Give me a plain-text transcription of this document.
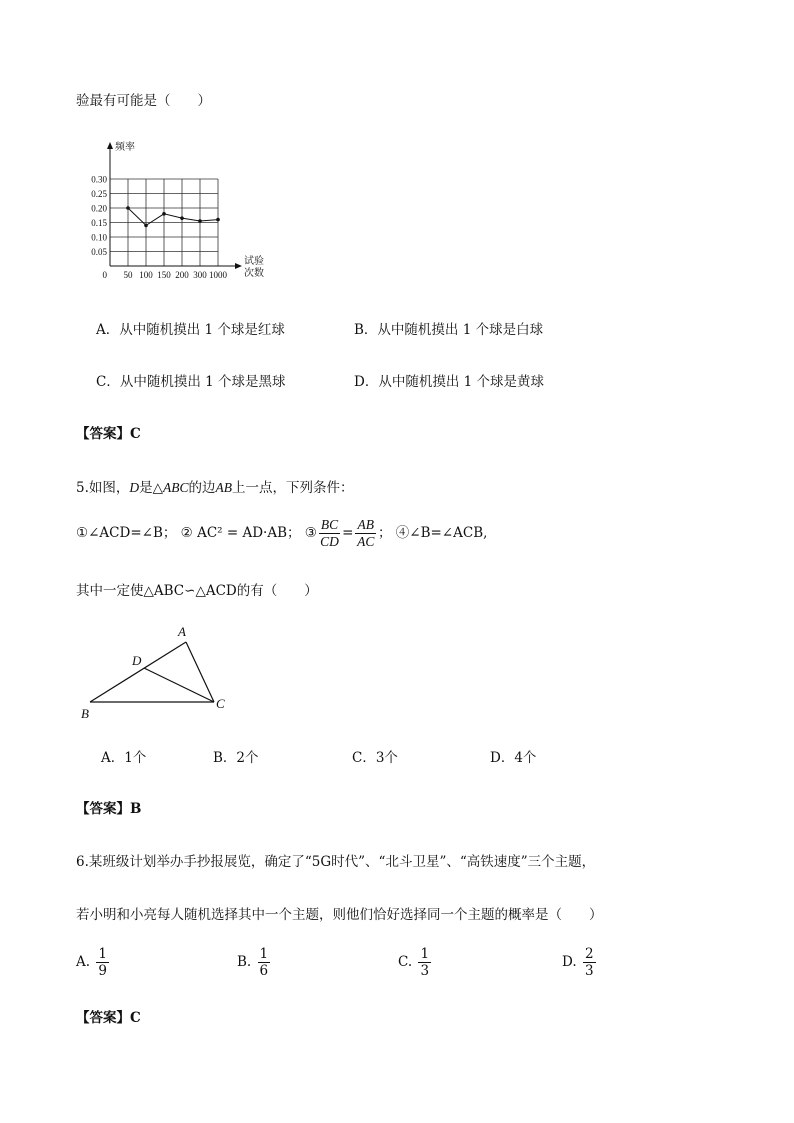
验最有可能是（　　）
0.05
0.10
0.15
0.20
0.25
0.30
0 50 100 150 200 300 1000
频率
试验
次数
A．从中随机摸出 1 个球是红球	B．从中随机摸出 1 个球是白球
C．从中随机摸出 1 个球是黑球	D．从中随机摸出 1 个球是黄球
【答案】C
5.如图，D是△ABC的边AB上一点，下列条件：
①∠ACD=∠B； ② AC² = AD·AB； ③ $\frac{BC}{CD} = \frac{AB}{AC}$ ； ④∠B=∠ACB,
其中一定使△ABC∽△ACD的有（　　）
A
D
B
C
A．1个	B．2个	C．3个	D．4个
【答案】B
6.某班级计划举办手抄报展览，确定了“5G时代”、“北斗卫星”、“高铁速度”三个主题，
若小明和小亮每人随机选择其中一个主题，则他们恰好选择同一个主题的概率是（　　）
A. $\frac{1}{9}$	B. $\frac{1}{6}$	C. $\frac{1}{3}$	D. $\frac{2}{3}$
【答案】C
